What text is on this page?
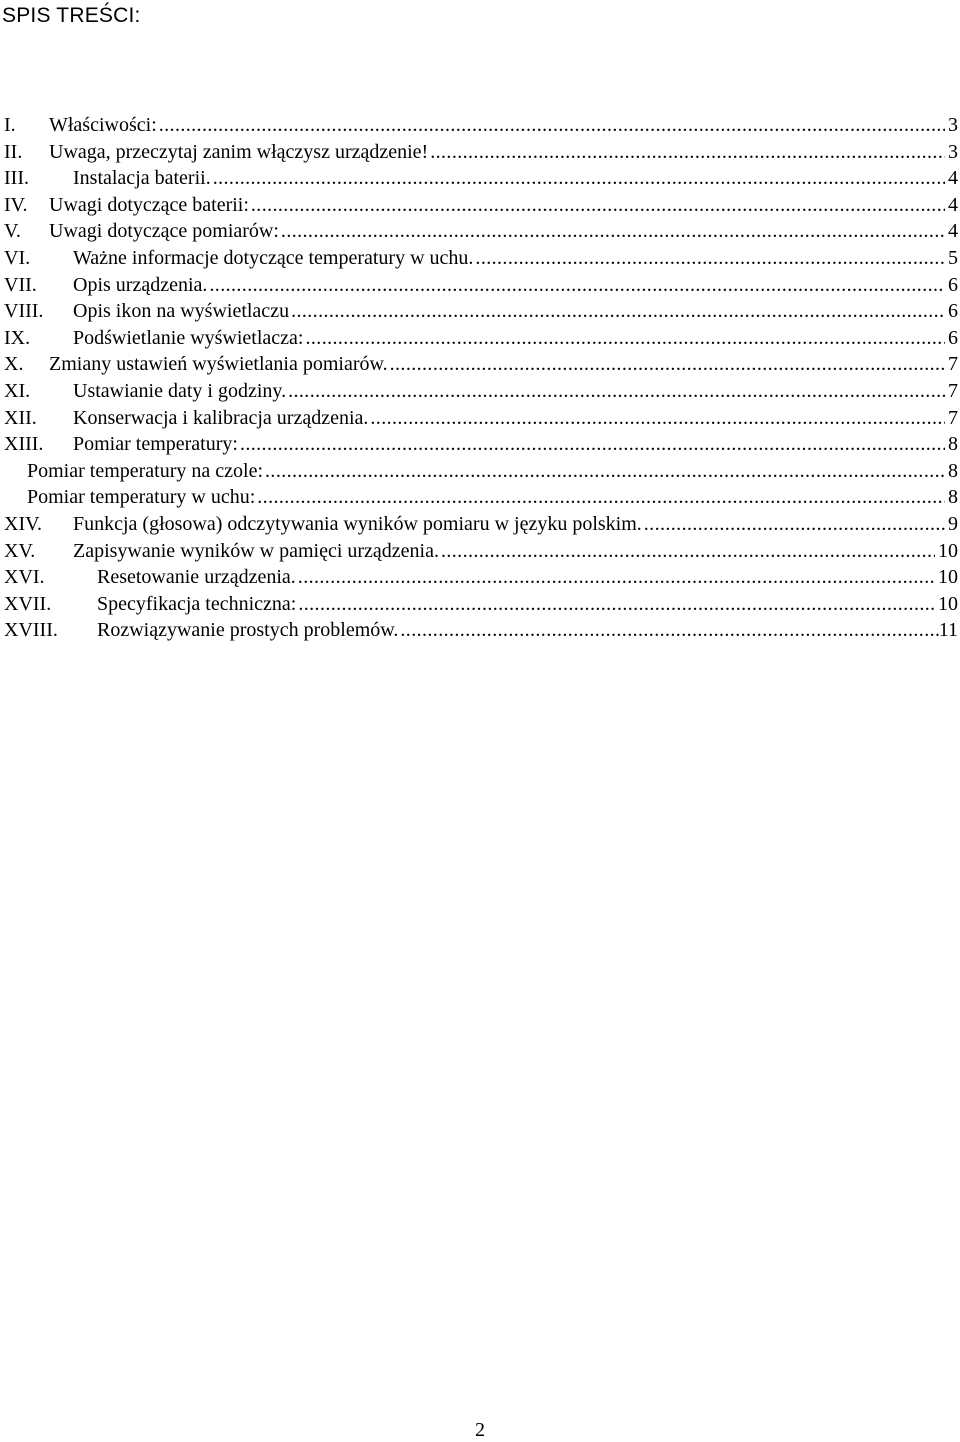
SPIS TREŚCI:
I.	Właściwości: .....	3
II.	Uwaga, przeczytaj zanim włączysz urządzenie! .....	3
III.	Instalacja baterii. .....	4
IV.	Uwagi dotyczące baterii: .....	4
V.	Uwagi dotyczące pomiarów: .....	4
VI.	Ważne informacje dotyczące temperatury w uchu. .....	5
VII.	Opis urządzenia. .....	6
VIII.	Opis ikon na wyświetlaczu .....	6
IX.	Podświetlanie wyświetlacza: .....	6
X.	Zmiany ustawień wyświetlania pomiarów. .....	7
XI.	Ustawianie daty i godziny. .....	7
XII.	Konserwacja i kalibracja urządzenia. .....	7
XIII.	Pomiar temperatury: .....	8
Pomiar temperatury na czole: .....	8
Pomiar temperatury w uchu: .....	8
XIV.	Funkcja (głosowa) odczytywania wyników pomiaru w języku polskim. .....	9
XV.	Zapisywanie wyników w pamięci urządzenia. .....	10
XVI.	Resetowanie urządzenia. .....	10
XVII.	Specyfikacja techniczna: .....	10
XVIII.	Rozwiązywanie prostych problemów. .....	11
2
